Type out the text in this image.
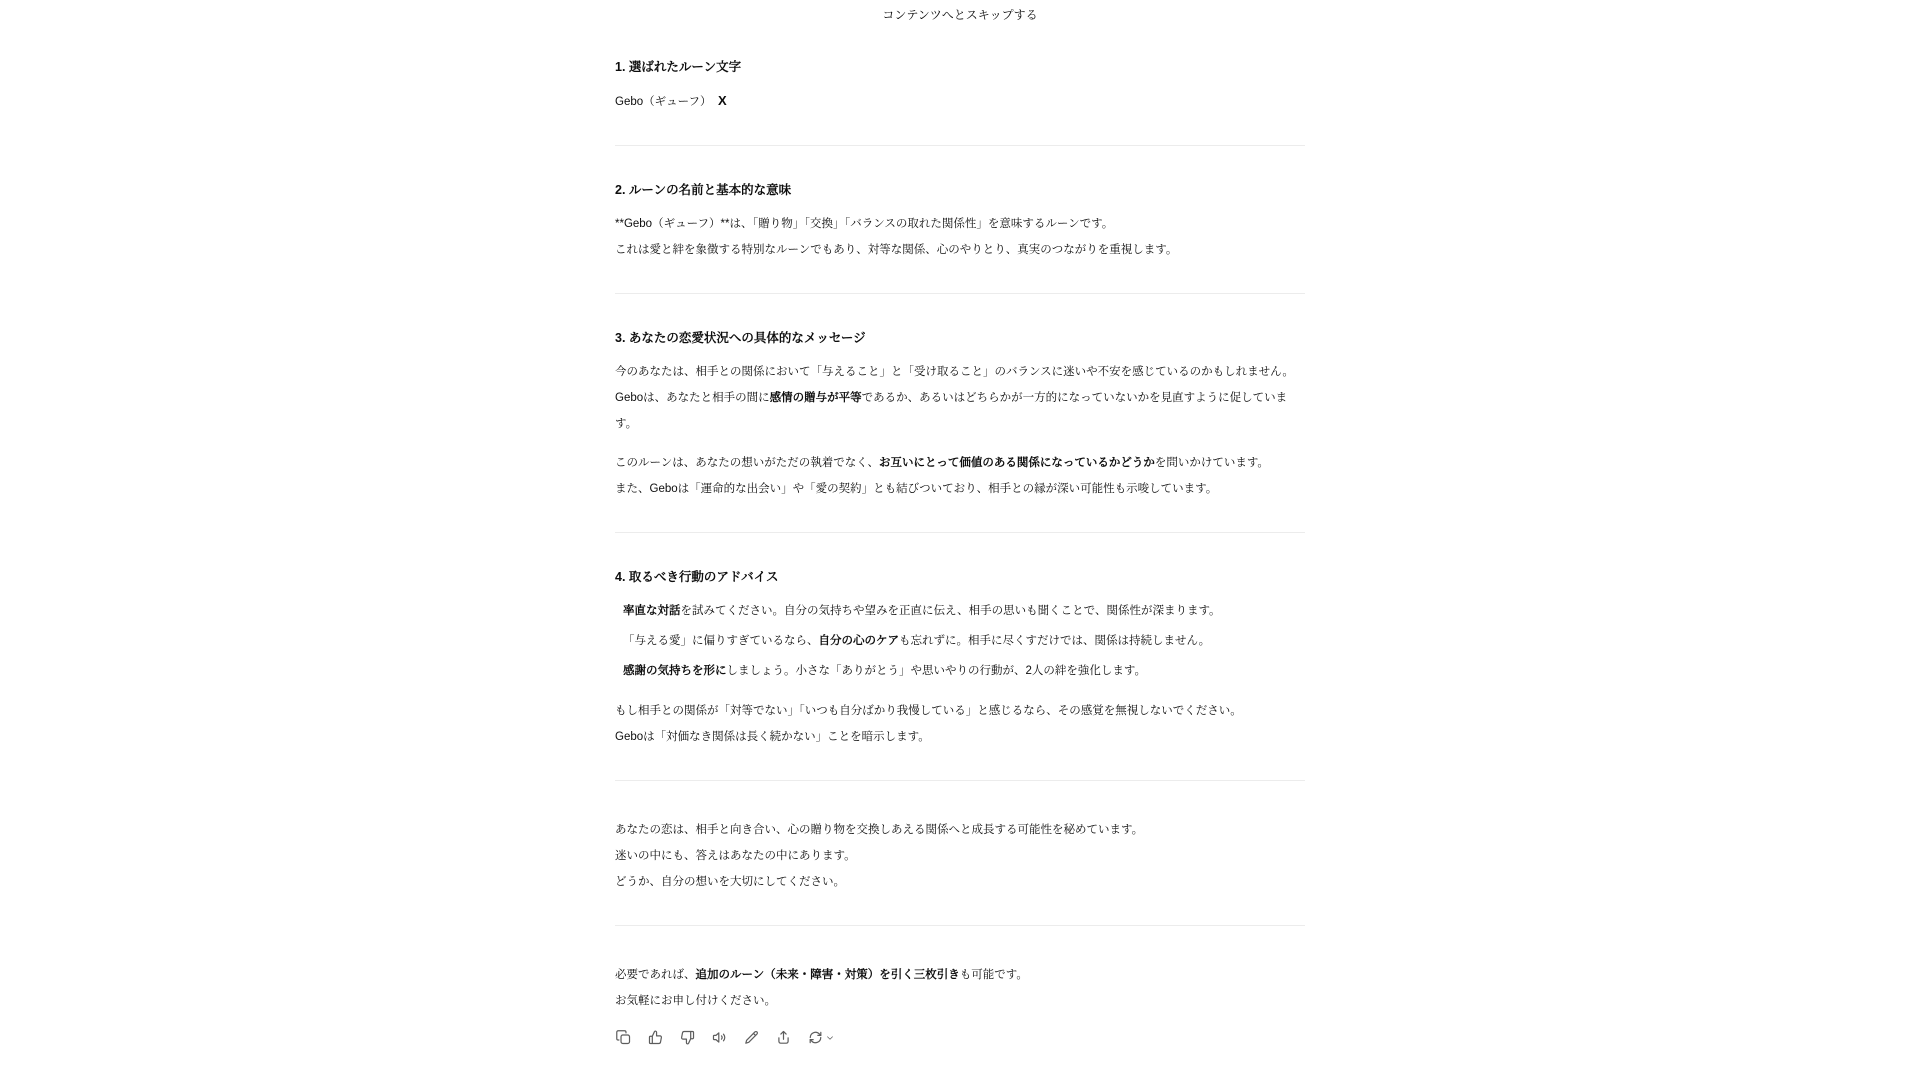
コンテンツへとスキップする
1. 選ばれたルーン文字

Gebo（ギューフ） X

2. ルーンの名前と基本的な意味

**Gebo（ギューフ）**は、「贈り物」「交換」「バランスの取れた関係性」を意味するルーンです。
これは愛と絆を象徴する特別なルーンでもあり、対等な関係、心のやりとり、真実のつながりを重視します。

3. あなたの恋愛状況への具体的なメッセージ

今のあなたは、相手との関係において「与えること」と「受け取ること」のバランスに迷いや不安を感じているのかもしれません。
Geboは、あなたと相手の間に感情の贈与が平等であるか、あるいはどちらかが一方的になっていないかを見直すように促しています。

このルーンは、あなたの想いがただの執着でなく、お互いにとって価値のある関係になっているかどうかを問いかけています。
また、Geboは「運命的な出会い」や「愛の契約」とも結びついており、相手との縁が深い可能性も示唆しています。

4. 取るべき行動のアドバイス

率直な対話を試みてください。自分の気持ちや望みを正直に伝え、相手の思いも聞くことで、関係性が深まります。

「与える愛」に偏りすぎているなら、自分の心のケアも忘れずに。相手に尽くすだけでは、関係は持続しません。

感謝の気持ちを形にしましょう。小さな「ありがとう」や思いやりの行動が、2人の絆を強化します。

もし相手との関係が「対等でない」「いつも自分ばかり我慢している」と感じるなら、その感覚を無視しないでください。
Geboは「対価なき関係は長く続かない」ことを暗示します。

あなたの恋は、相手と向き合い、心の贈り物を交換しあえる関係へと成長する可能性を秘めています。
迷いの中にも、答えはあなたの中にあります。
どうか、自分の想いを大切にしてください。

必要であれば、追加のルーン（未来・障害・対策）を引く三枚引きも可能です。
お気軽にお申し付けください。
